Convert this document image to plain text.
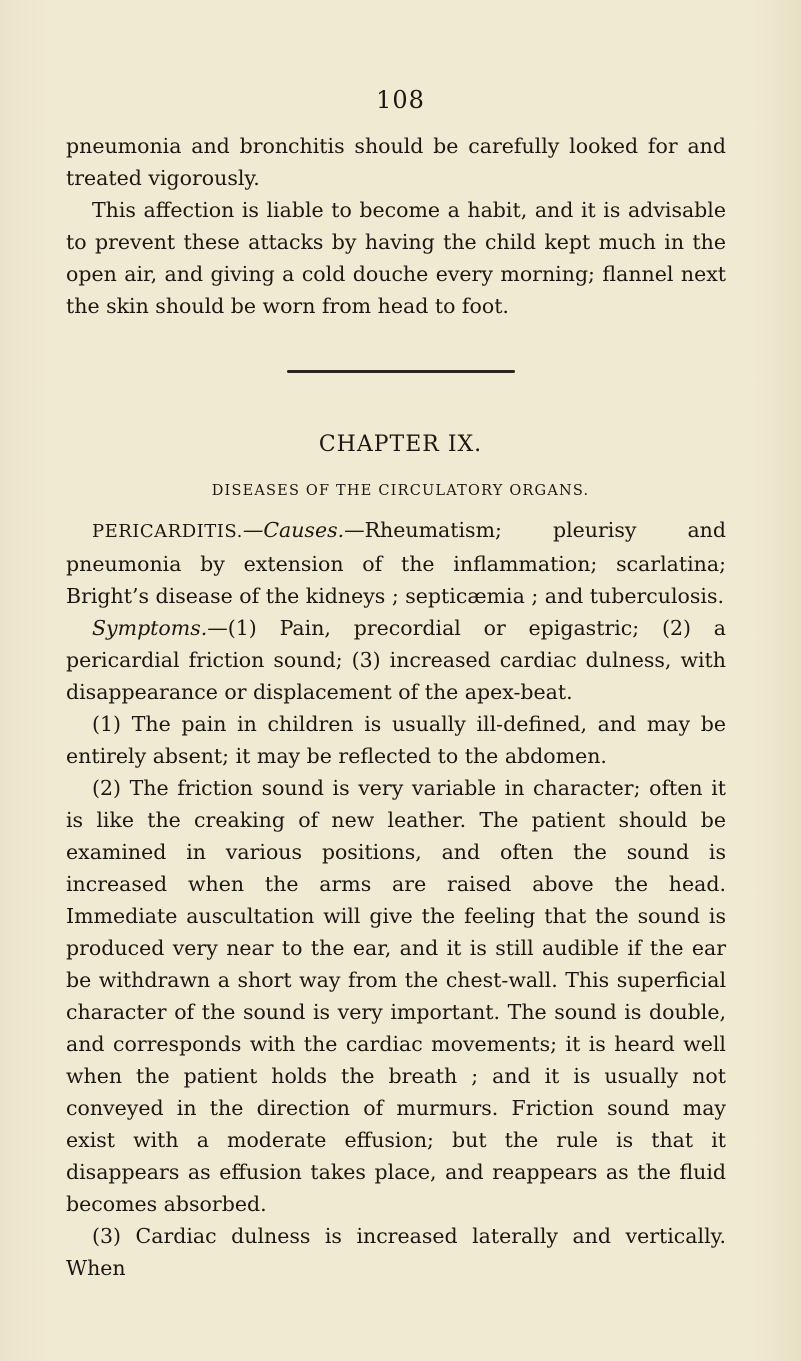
108

pneumonia and bronchitis should be carefully looked for and treated vigorously.

This affection is liable to become a habit, and it is advisable to prevent these attacks by having the child kept much in the open air, and giving a cold douche every morning; flannel next the skin should be worn from head to foot.

CHAPTER IX.
DISEASES OF THE CIRCULATORY ORGANS.

PERICARDITIS.—Causes.—Rheumatism; pleurisy and pneumonia by extension of the inflammation; scarlatina; Bright’s disease of the kidneys ; septicæmia ; and tuberculosis.

Symptoms.—(1) Pain, precordial or epigastric; (2) a pericardial friction sound; (3) increased cardiac dulness, with disappearance or displacement of the apex-beat.

(1) The pain in children is usually ill-defined, and may be entirely absent; it may be reflected to the abdomen.

(2) The friction sound is very variable in character; often it is like the creaking of new leather. The patient should be examined in various positions, and often the sound is increased when the arms are raised above the head. Immediate auscultation will give the feeling that the sound is produced very near to the ear, and it is still audible if the ear be withdrawn a short way from the chest-wall. This superficial character of the sound is very important. The sound is double, and corresponds with the cardiac movements; it is heard well when the patient holds the breath ; and it is usually not conveyed in the direction of murmurs. Friction sound may exist with a moderate effusion; but the rule is that it disappears as effusion takes place, and reappears as the fluid becomes absorbed.

(3) Cardiac dulness is increased laterally and vertically. When
